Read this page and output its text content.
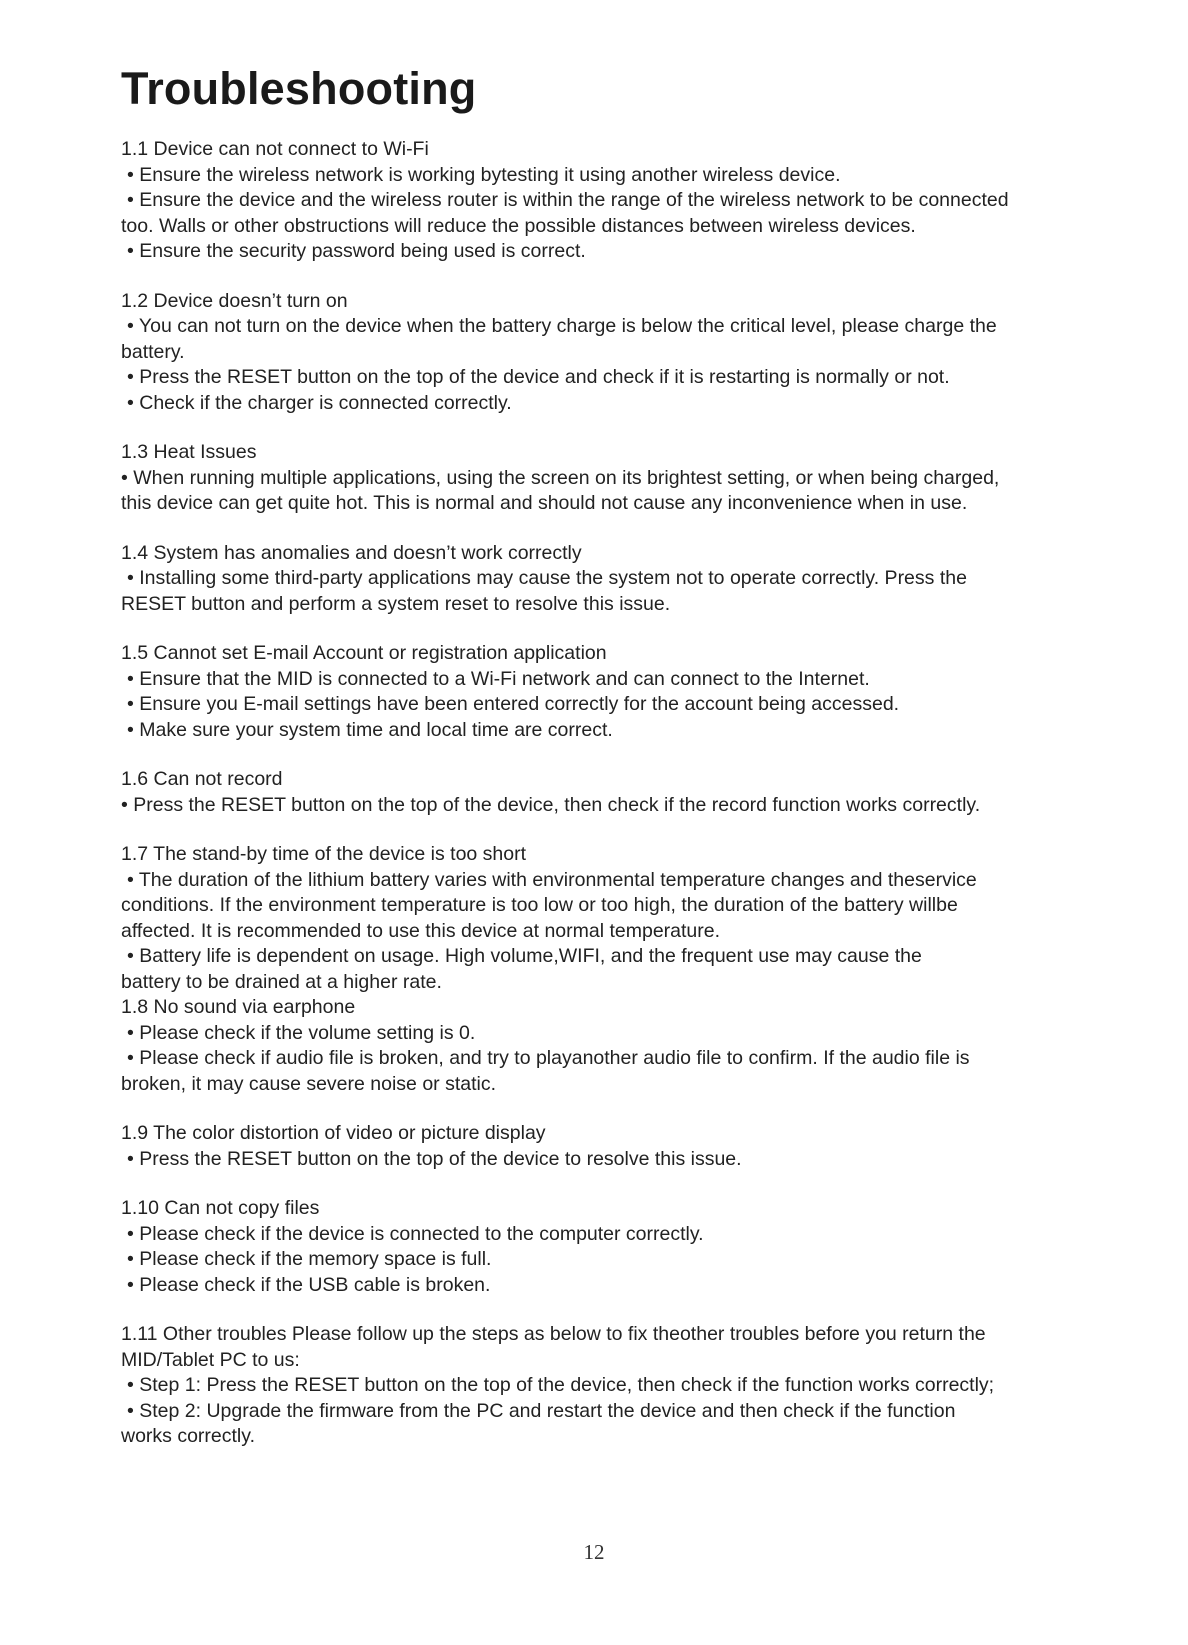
Troubleshooting
1.1 Device can not connect to Wi-Fi
• Ensure the wireless network is working bytesting it using another wireless device.
• Ensure the device and the wireless router is within the range of the wireless network to be connected
too. Walls or other obstructions will reduce the possible distances between wireless devices.
• Ensure the security password being used is correct.
1.2 Device doesn’t turn on
• You can not turn on the device when the battery charge is below the critical level, please charge the
battery.
• Press the RESET button on the top of the device and check if it is restarting is normally or not.
• Check if the charger is connected correctly.
1.3 Heat Issues
• When running multiple applications, using the screen on its brightest setting, or when being charged,
this device can get quite hot. This is normal and should not cause any inconvenience when in use.
1.4 System has anomalies and doesn’t work correctly
• Installing some third-party applications may cause the system not to operate correctly. Press the
RESET button and perform a system reset to resolve this issue.
1.5 Cannot set E-mail Account or registration application
• Ensure that the MID is connected to a Wi-Fi network and can connect to the Internet.
• Ensure you E-mail settings have been entered correctly for the account being accessed.
• Make sure your system time and local time are correct.
1.6 Can not record
• Press the RESET button on the top of the device, then check if the record function works correctly.
1.7 The stand-by time of the device is too short
• The duration of the lithium battery varies with environmental temperature changes and theservice
conditions. If the environment temperature is too low or too high, the duration of the battery willbe
affected. It is recommended to use this device at normal temperature.
• Battery life is dependent on usage. High volume,WIFI, and the frequent use may cause the
battery to be drained at a higher rate.
1.8 No sound via earphone
• Please check if the volume setting is 0.
• Please check if audio file is broken, and try to playanother audio file to confirm. If the audio file is
broken, it may cause severe noise or static.
1.9 The color distortion of video or picture display
• Press the RESET button on the top of the device to resolve this issue.
1.10 Can not copy files
• Please check if the device is connected to the computer correctly.
• Please check if the memory space is full.
• Please check if the USB cable is broken.
1.11 Other troubles Please follow up the steps as below to fix theother troubles before you return the
MID/Tablet PC to us:
• Step 1: Press the RESET button on the top of the device, then check if the function works correctly;
• Step 2: Upgrade the firmware from the PC and restart the device and then check if the function
works correctly.
12
